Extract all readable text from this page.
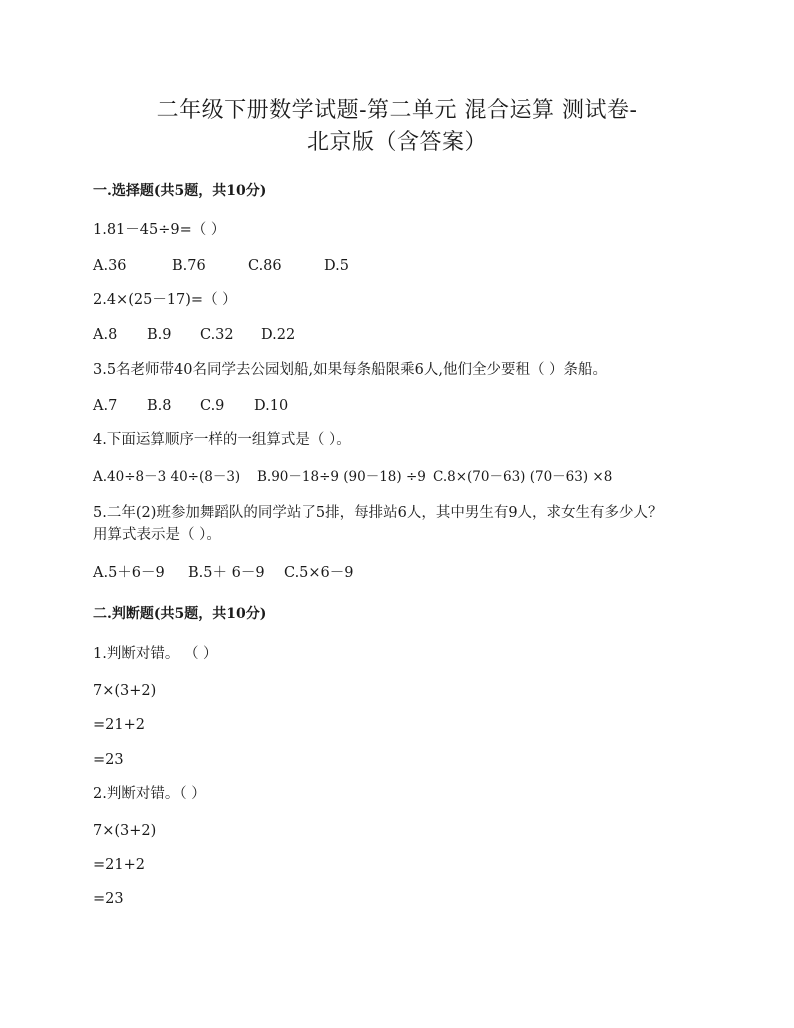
二年级下册数学试题-第二单元 混合运算 测试卷-
北京版（含答案）
一.选择题(共5题，共10分)
1.81－45÷9=（ ）
A.36	B.76	C.86	D.5
2.4×(25－17)=（ ）
A.8 B.9 C.32 D.22
3.5名老师带40名同学去公园划船,如果每条船限乘6人,他们全少要租（ ）条船。
A.7 B.8 C.9 D.10
4.下面运算顺序一样的一组算式是（ ）。
A.40÷8－3 40÷(8－3) B.90－18÷9 (90－18) ÷9 C.8×(70－63) (70－63) ×8
5.二年(2)班参加舞蹈队的同学站了5排，每排站6人，其中男生有9人，求女生有多少人？
用算式表示是（ ）。
A.5＋6－9 B.5＋ 6－9 C.5×6－9
二.判断题(共5题，共10分)
1.判断对错。 （ ）
7×(3+2)
=21+2
=23
2.判断对错。（ ）
7×(3+2)
=21+2
=23
